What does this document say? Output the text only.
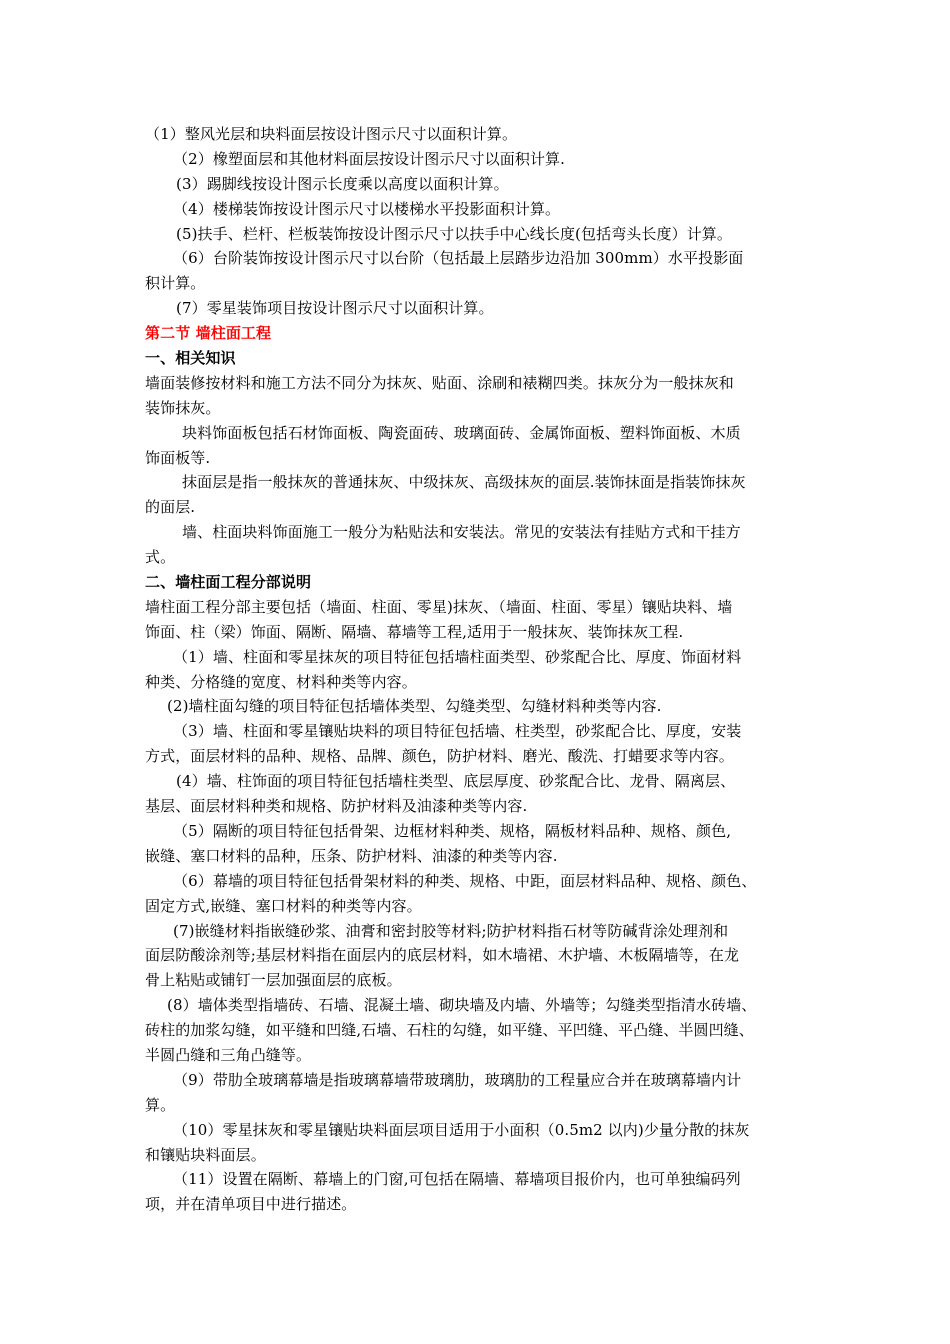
（1）整风光层和块料面层按设计图示尺寸以面积计算。
（2）橡塑面层和其他材料面层按设计图示尺寸以面积计算.
(3）踢脚线按设计图示长度乘以高度以面积计算。
（4）楼梯装饰按设计图示尺寸以楼梯水平投影面积计算。
(5)扶手、栏杆、栏板装饰按设计图示尺寸以扶手中心线长度(包括弯头长度）计算。
（6）台阶装饰按设计图示尺寸以台阶（包括最上层踏步边沿加 300mm）水平投影面
积计算。
(7）零星装饰项目按设计图示尺寸以面积计算。
第二节 墙柱面工程
一、相关知识
墙面装修按材料和施工方法不同分为抹灰、贴面、涂刷和裱糊四类。抹灰分为一般抹灰和
装饰抹灰。
块料饰面板包括石材饰面板、陶瓷面砖、玻璃面砖、金属饰面板、塑料饰面板、木质
饰面板等.
抹面层是指一般抹灰的普通抹灰、中级抹灰、高级抹灰的面层.装饰抹面是指装饰抹灰
的面层.
墙、柱面块料饰面施工一般分为粘贴法和安装法。常见的安装法有挂贴方式和干挂方
式。
二、墙柱面工程分部说明
墙柱面工程分部主要包括（墙面、柱面、零星)抹灰、（墙面、柱面、零星）镶贴块料、墙
饰面、柱（梁）饰面、隔断、隔墙、幕墙等工程,适用于一般抹灰、装饰抹灰工程.
（1）墙、柱面和零星抹灰的项目特征包括墙柱面类型、砂浆配合比、厚度、饰面材料
种类、分格缝的宽度、材料种类等内容。
(2)墙柱面勾缝的项目特征包括墙体类型、勾缝类型、勾缝材料种类等内容.
（3）墙、柱面和零星镶贴块料的项目特征包括墙、柱类型，砂浆配合比、厚度，安装
方式，面层材料的品种、规格、品牌、颜色，防护材料、磨光、酸洗、打蜡要求等内容。
(4）墙、柱饰面的项目特征包括墙柱类型、底层厚度、砂浆配合比、龙骨、隔离层、
基层、面层材料种类和规格、防护材料及油漆种类等内容.
（5）隔断的项目特征包括骨架、边框材料种类、规格，隔板材料品种、规格、颜色,
嵌缝、塞口材料的品种，压条、防护材料、油漆的种类等内容.
（6）幕墙的项目特征包括骨架材料的种类、规格、中距，面层材料品种、规格、颜色、
固定方式,嵌缝、塞口材料的种类等内容。
(7)嵌缝材料指嵌缝砂浆、油膏和密封胶等材料;防护材料指石材等防碱背涂处理剂和
面层防酸涂剂等;基层材料指在面层内的底层材料，如木墙裙、木护墙、木板隔墙等，在龙
骨上粘贴或铺钉一层加强面层的底板。
(8）墙体类型指墙砖、石墙、混凝土墙、砌块墙及内墙、外墙等；勾缝类型指清水砖墙、
砖柱的加浆勾缝，如平缝和凹缝,石墙、石柱的勾缝，如平缝、平凹缝、平凸缝、半圆凹缝、
半圆凸缝和三角凸缝等。
（9）带肋全玻璃幕墙是指玻璃幕墙带玻璃肋，玻璃肋的工程量应合并在玻璃幕墙内计
算。
（10）零星抹灰和零星镶贴块料面层项目适用于小面积（0.5m2 以内)少量分散的抹灰
和镶贴块料面层。
（11）设置在隔断、幕墙上的门窗,可包括在隔墙、幕墙项目报价内，也可单独编码列
项，并在清单项目中进行描述。
